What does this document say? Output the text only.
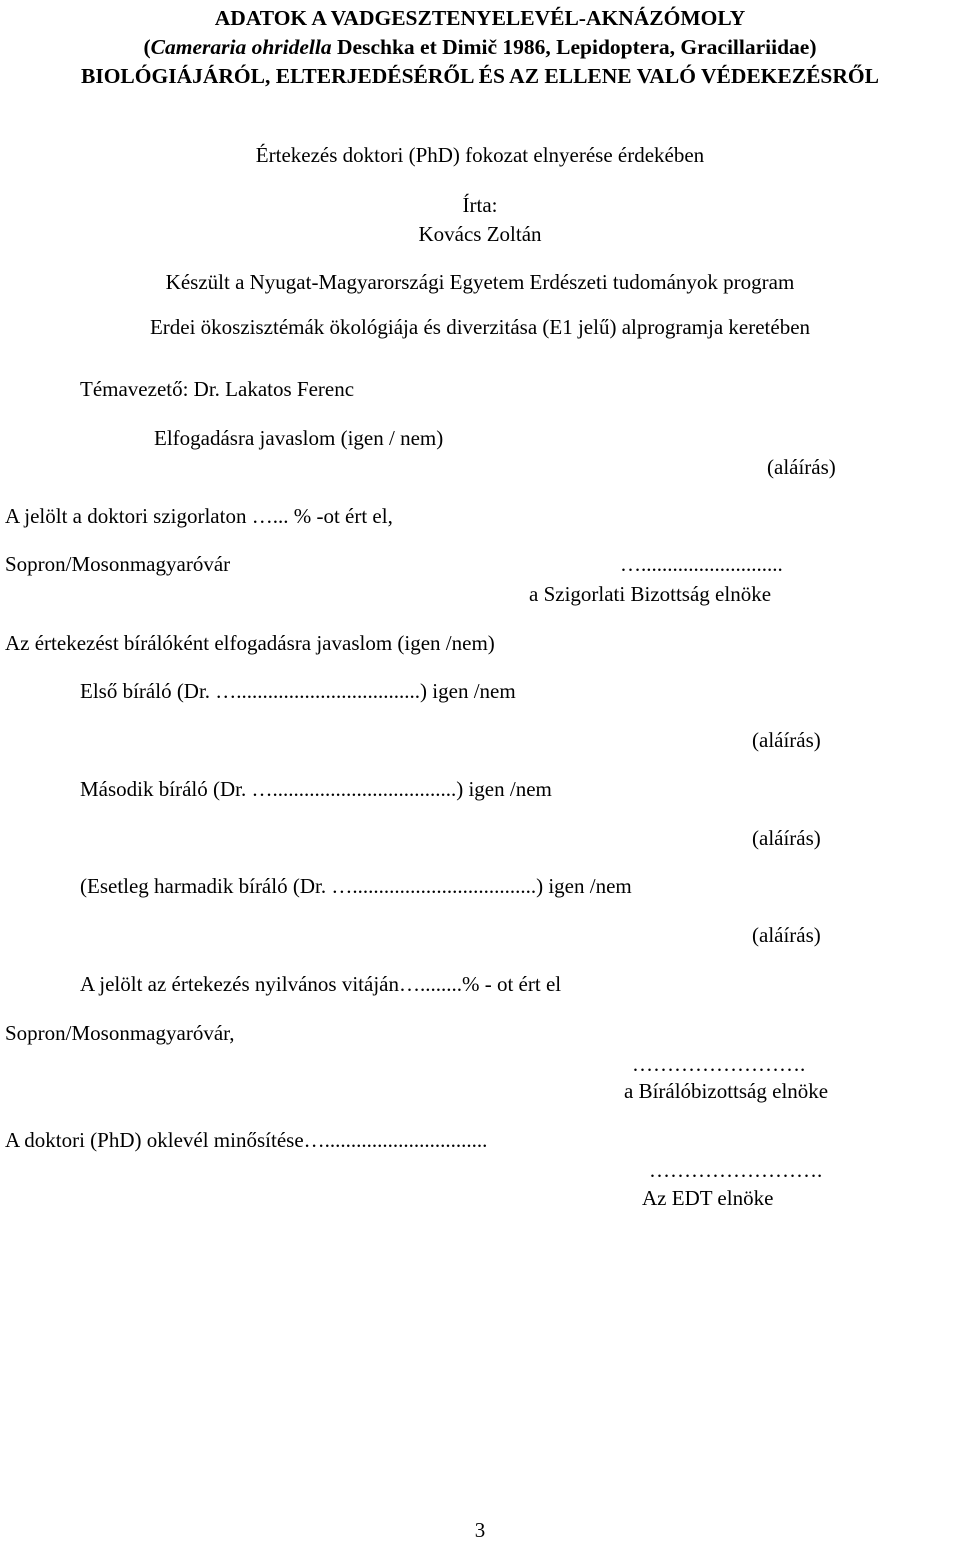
ADATOK A VADGESZTENYELEVÉL-AKNÁZÓMOLY
(Cameraria ohridella Deschka et Dimič 1986, Lepidoptera, Gracillariidae)
BIOLÓGIÁJÁRÓL, ELTERJEDÉSÉRŐL ÉS AZ ELLENE VALÓ VÉDEKEZÉSRŐL
Értekezés doktori (PhD) fokozat elnyerése érdekében
Írta:
Kovács Zoltán
Készült a Nyugat-Magyarországi Egyetem Erdészeti tudományok program
Erdei ökoszisztémák ökológiája és diverzitása (E1 jelű) alprogramja keretében
Témavezető: Dr. Lakatos Ferenc
Elfogadásra javaslom (igen / nem)
(aláírás)
A jelölt a doktori szigorlaton …... % -ot ért el,
Sopron/Mosonmagyaróvár	…...........................
a Szigorlati Bizottság elnöke
Az értekezést bírálóként elfogadásra javaslom (igen /nem)
Első bíráló (Dr. …...................................) igen /nem
(aláírás)
Második bíráló (Dr. …...................................) igen /nem
(aláírás)
(Esetleg harmadik bíráló (Dr. …...................................) igen /nem
(aláírás)
A jelölt az értekezés nyilvános vitáján…........% - ot ért el
Sopron/Mosonmagyaróvár,
…………………….
a Bírálóbizottság elnöke
A doktori (PhD) oklevél minősítése…...............................
…………………….
Az EDT elnöke
3
